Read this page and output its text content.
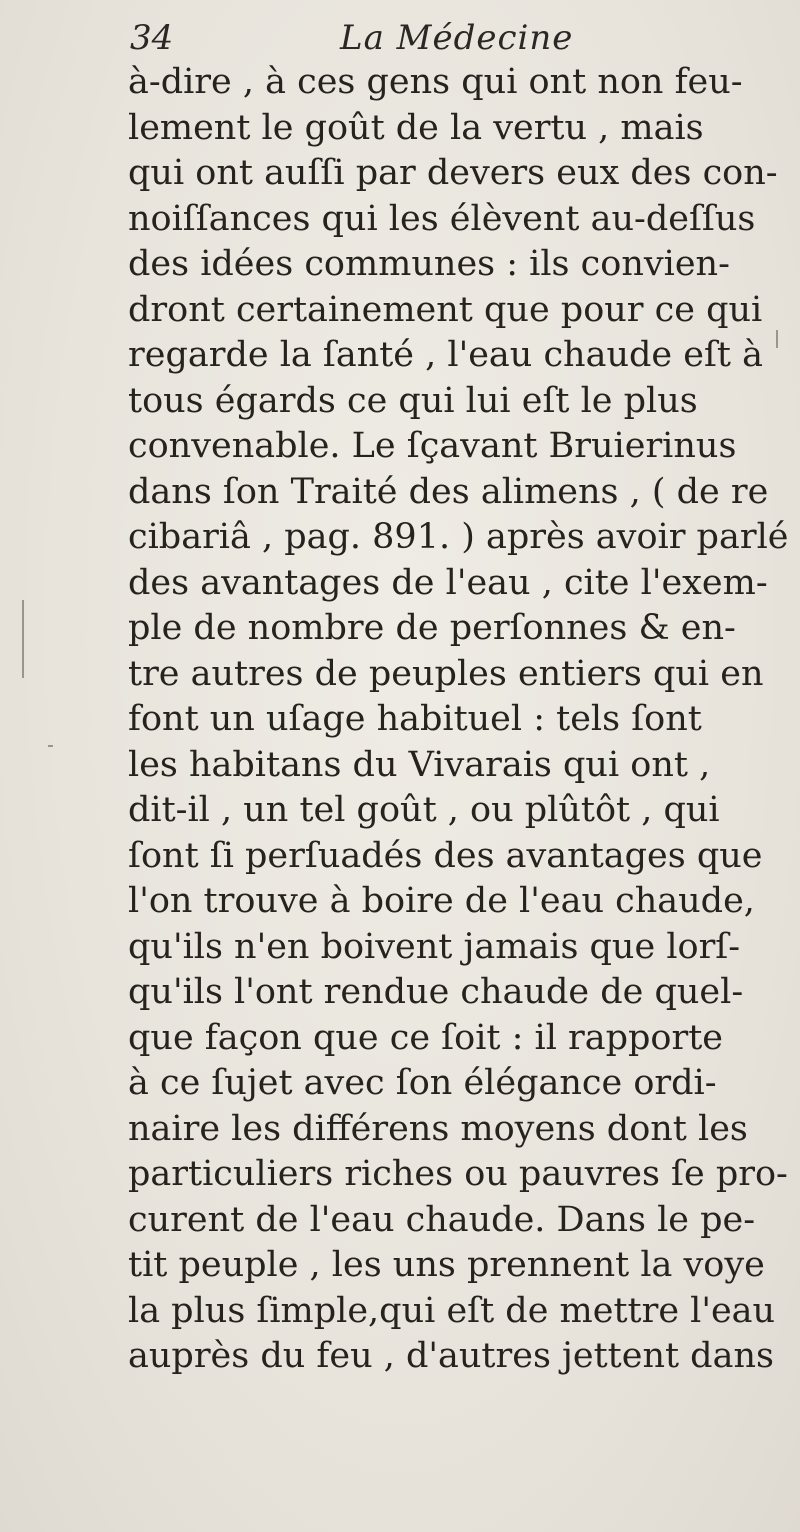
34	La Médecine
à-dire , à ces gens qui ont non feu-
lement le goût de la vertu , mais
qui ont auſſi par devers eux des con-
noiſſances qui les élèvent au-deſſus
des idées communes : ils convien-
dront certainement que pour ce qui
regarde la ſanté , l'eau chaude eſt à
tous égards ce qui lui eſt le plus
convenable. Le ſçavant Bruierinus
dans ſon Traité des alimens , ( de re
cibariâ , pag. 891. ) après avoir parlé
des avantages de l'eau , cite l'exem-
ple de nombre de perſonnes & en-
tre autres de peuples entiers qui en
font un uſage habituel : tels ſont
les habitans du Vivarais qui ont ,
dit-il , un tel goût , ou plûtôt , qui
ſont ſi perſuadés des avantages que
l'on trouve à boire de l'eau chaude,
qu'ils n'en boivent jamais que lorſ-
qu'ils l'ont rendue chaude de quel-
que façon que ce ſoit : il rapporte
à ce ſujet avec ſon élégance ordi-
naire les différens moyens dont les
particuliers riches ou pauvres ſe pro-
curent de l'eau chaude. Dans le pe-
tit peuple , les uns prennent la voye
la plus ſimple,qui eſt de mettre l'eau
auprès du feu , d'autres jettent dans
